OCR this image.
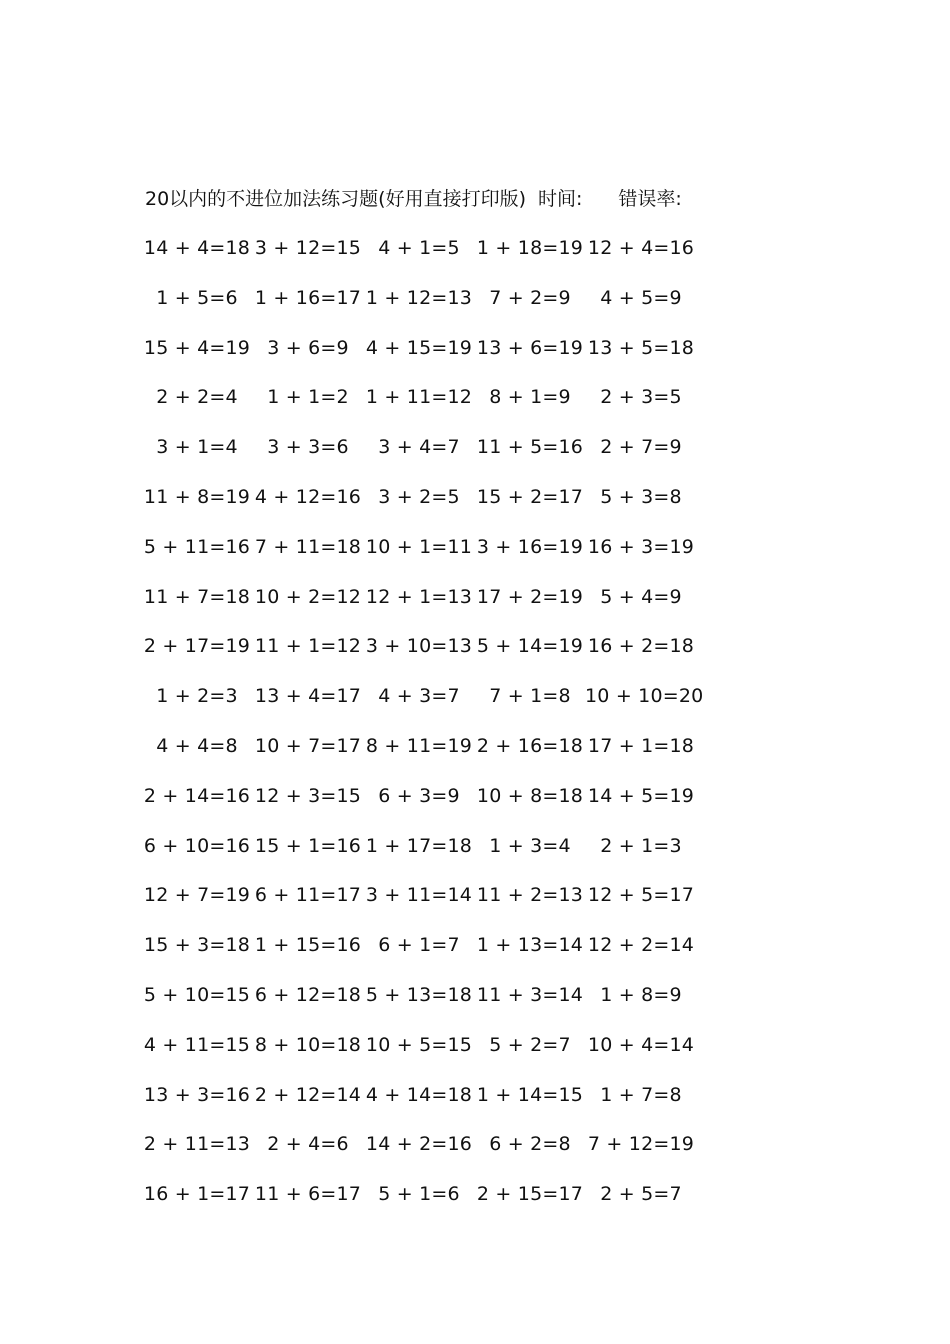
20以内的不进位加法练习题(好用直接打印版) 时间: 错误率:
14 + 4=18 3 + 12=15 4 + 1=5 1 + 18=19 12 + 4=16
1 + 5=6 1 + 16=17 1 + 12=13 7 + 2=9	4 + 5=9
15 + 4=19 3 + 6=9 4 + 15=19 13 + 6=19 13 + 5=18
2 + 2=4	1 + 1=2 1 + 11=12 8 + 1=9	2 + 3=5
3 + 1=4	3 + 3=6	3 + 4=7 11 + 5=16 2 + 7=9
11 + 8=19 4 + 12=16 3 + 2=5 15 + 2=17 5 + 3=8
5 + 11=16 7 + 11=18 10 + 1=11 3 + 16=19 16 + 3=19
11 + 7=18 10 + 2=12 12 + 1=13 17 + 2=19 5 + 4=9
2 + 17=19 11 + 1=12 3 + 10=13 5 + 14=19 16 + 2=18
1 + 2=3 13 + 4=17 4 + 3=7	7 + 1=8 10 + 10=20
4 + 4=8 10 + 7=17 8 + 11=19 2 + 16=18 17 + 1=18
2 + 14=16 12 + 3=15 6 + 3=9 10 + 8=18 14 + 5=19
6 + 10=16 15 + 1=16 1 + 17=18 1 + 3=4	2 + 1=3
12 + 7=19 6 + 11=17 3 + 11=14 11 + 2=13 12 + 5=17
15 + 3=18 1 + 15=16 6 + 1=7 1 + 13=14 12 + 2=14
5 + 10=15 6 + 12=18 5 + 13=18 11 + 3=14 1 + 8=9
4 + 11=15 8 + 10=18 10 + 5=15 5 + 2=7 10 + 4=14
13 + 3=16 2 + 12=14 4 + 14=18 1 + 14=15 1 + 7=8
2 + 11=13 2 + 4=6 14 + 2=16 6 + 2=8 7 + 12=19
16 + 1=17 11 + 6=17 5 + 1=6 2 + 15=17 2 + 5=7
